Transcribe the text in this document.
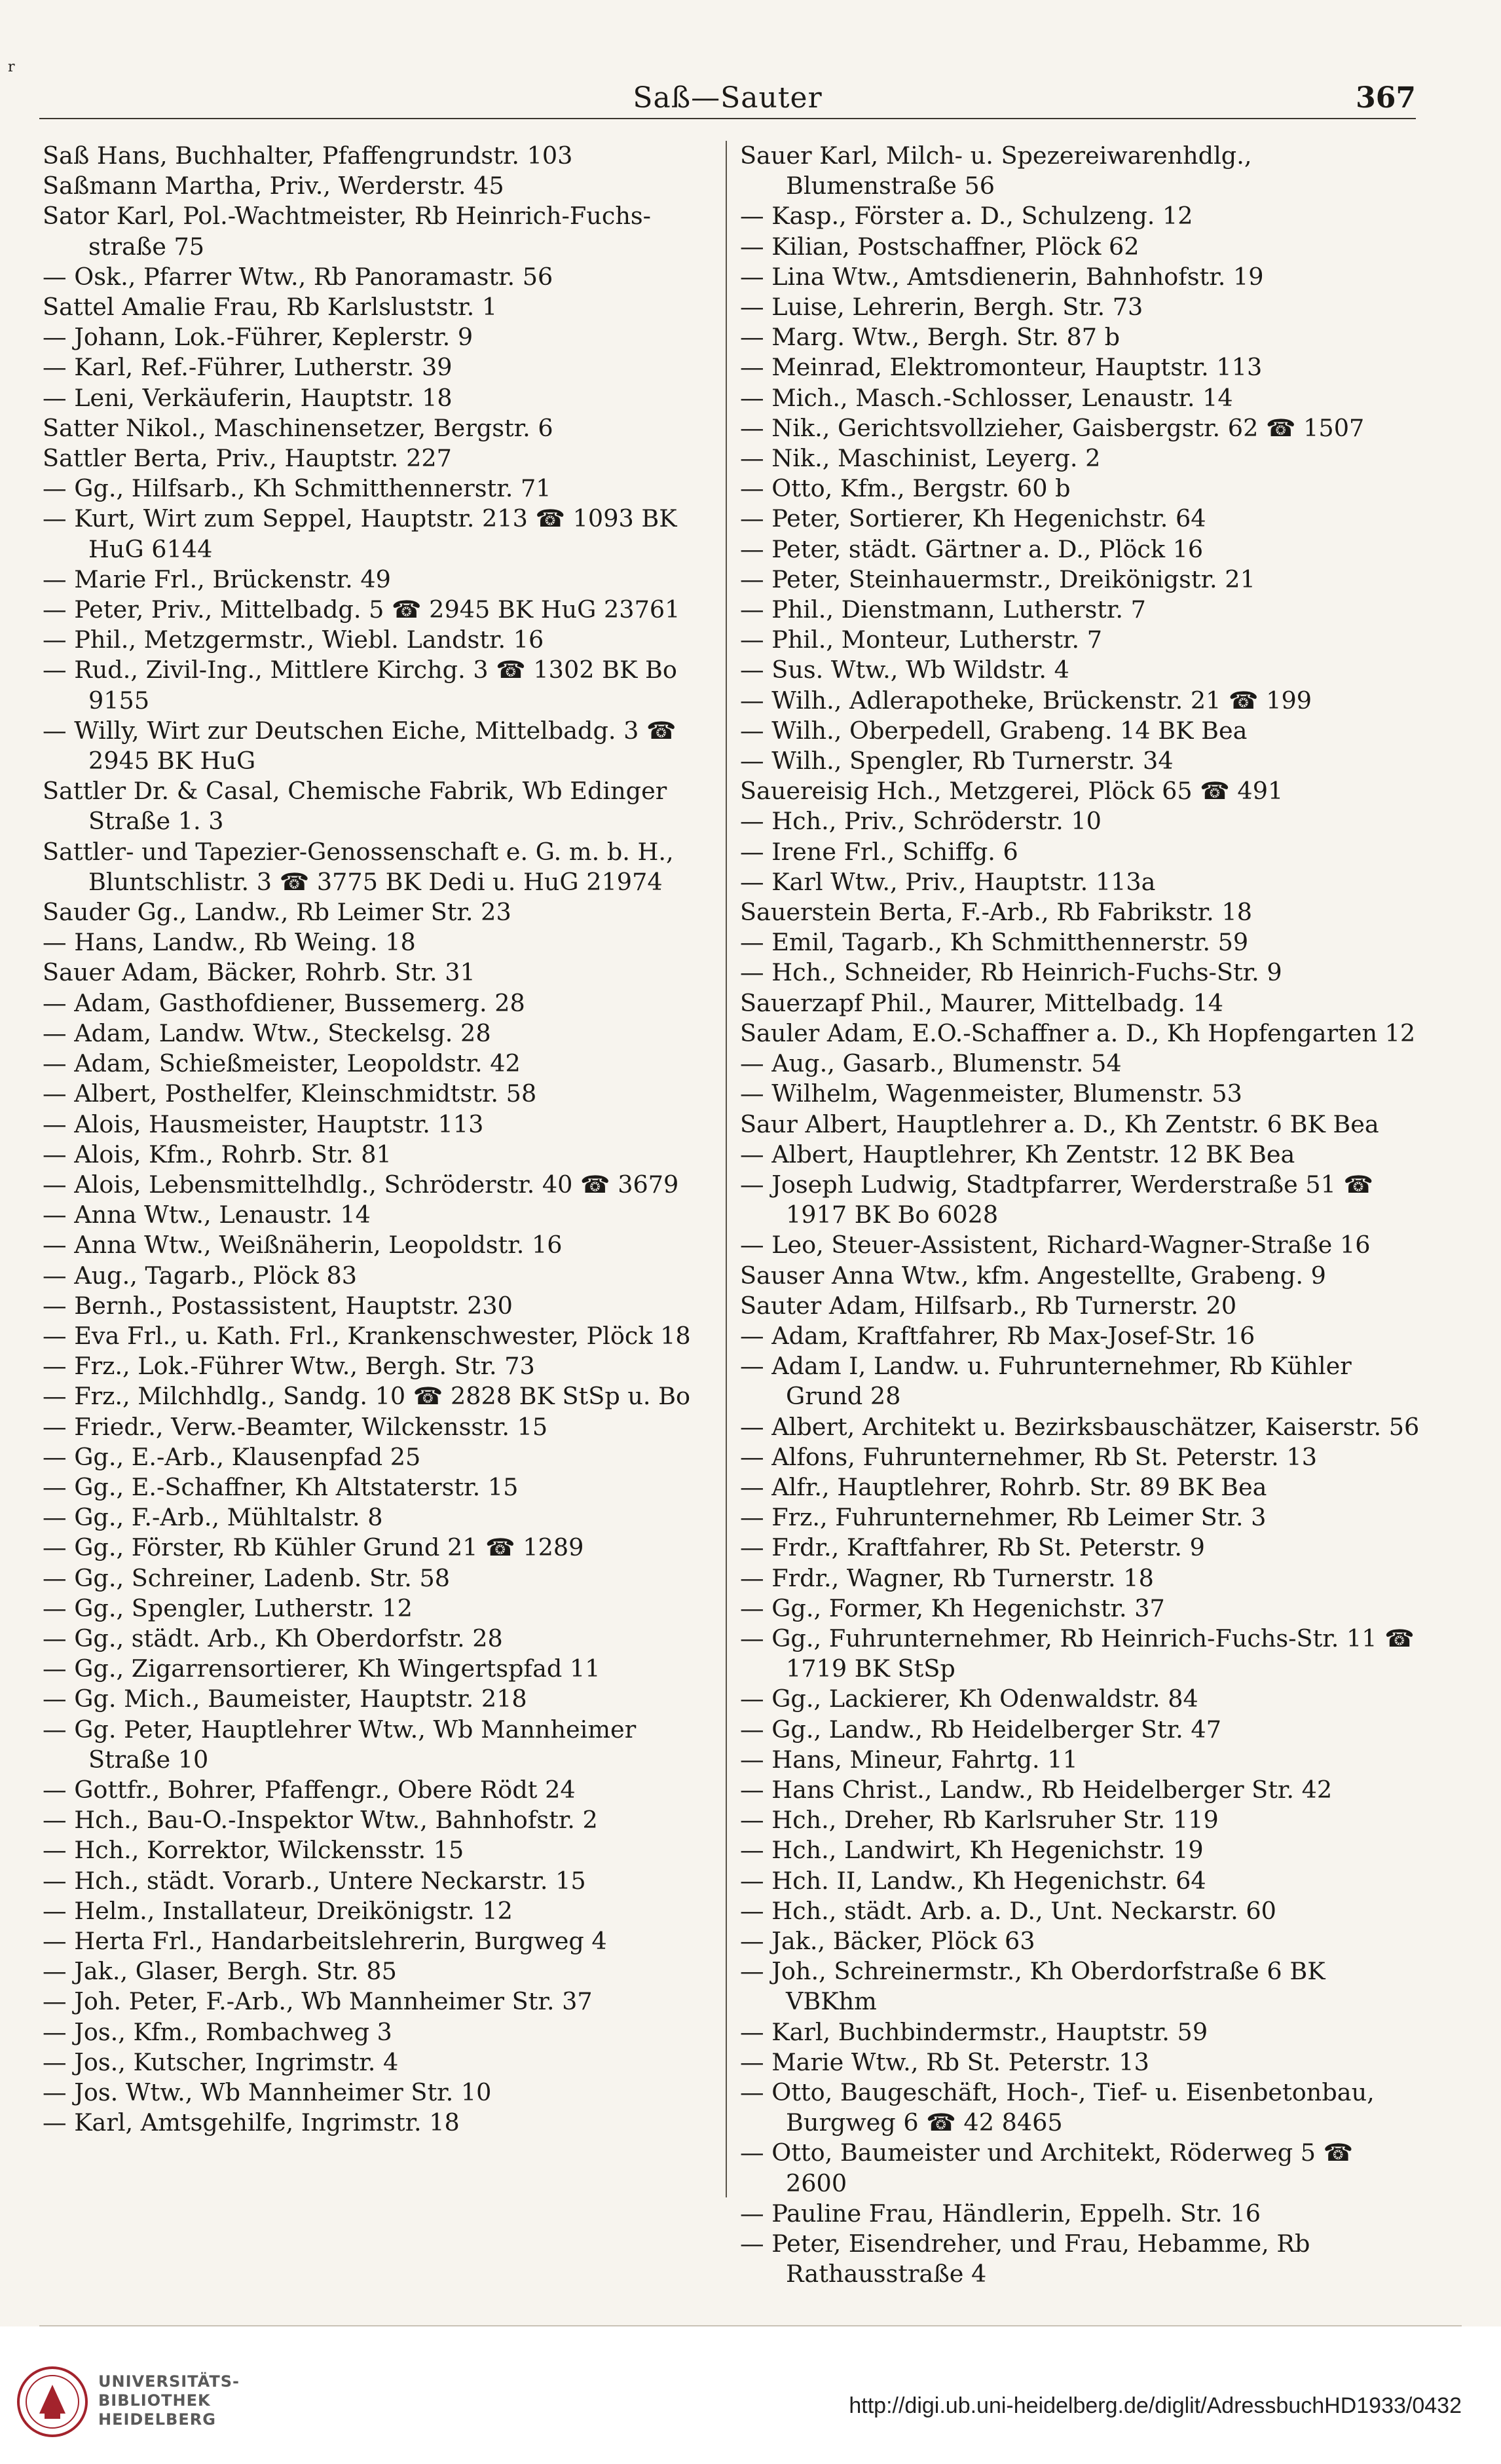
r
Saß—Sauter	367

Saß Hans, Buchhalter, Pfaffengrundstr. 103

Saßmann Martha, Priv., Werderstr. 45

Sator Karl, Pol.-Wachtmeister, Rb Heinrich-Fuchs-straße 75

— Osk., Pfarrer Wtw., Rb Panoramastr. 56

Sattel Amalie Frau, Rb Karlsluststr. 1

— Johann, Lok.-Führer, Keplerstr. 9

— Karl, Ref.-Führer, Lutherstr. 39

— Leni, Verkäuferin, Hauptstr. 18

Satter Nikol., Maschinensetzer, Bergstr. 6

Sattler Berta, Priv., Hauptstr. 227

— Gg., Hilfsarb., Kh Schmitthennerstr. 71

— Kurt, Wirt zum Seppel, Hauptstr. 213 ☎ 1093 BK HuG 6144

— Marie Frl., Brückenstr. 49

— Peter, Priv., Mittelbadg. 5 ☎ 2945 BK HuG 23761

— Phil., Metzgermstr., Wiebl. Landstr. 16

— Rud., Zivil-Ing., Mittlere Kirchg. 3 ☎ 1302 BK Bo 9155

— Willy, Wirt zur Deutschen Eiche, Mittelbadg. 3 ☎ 2945 BK HuG

Sattler Dr. & Casal, Chemische Fabrik, Wb Edinger Straße 1. 3

Sattler- und Tapezier-Genossenschaft e. G. m. b. H., Bluntschlistr. 3 ☎ 3775 BK Dedi u. HuG 21974

Sauder Gg., Landw., Rb Leimer Str. 23

— Hans, Landw., Rb Weing. 18

Sauer Adam, Bäcker, Rohrb. Str. 31

— Adam, Gasthofdiener, Bussemerg. 28

— Adam, Landw. Wtw., Steckelsg. 28

— Adam, Schießmeister, Leopoldstr. 42

— Albert, Posthelfer, Kleinschmidtstr. 58

— Alois, Hausmeister, Hauptstr. 113

— Alois, Kfm., Rohrb. Str. 81

— Alois, Lebensmittelhdlg., Schröderstr. 40 ☎ 3679

— Anna Wtw., Lenaustr. 14

— Anna Wtw., Weißnäherin, Leopoldstr. 16

— Aug., Tagarb., Plöck 83

— Bernh., Postassistent, Hauptstr. 230

— Eva Frl., u. Kath. Frl., Krankenschwester, Plöck 18

— Frz., Lok.-Führer Wtw., Bergh. Str. 73

— Frz., Milchhdlg., Sandg. 10 ☎ 2828 BK StSp u. Bo

— Friedr., Verw.-Beamter, Wilckensstr. 15

— Gg., E.-Arb., Klausenpfad 25

— Gg., E.-Schaffner, Kh Altstaterstr. 15

— Gg., F.-Arb., Mühltalstr. 8

— Gg., Förster, Rb Kühler Grund 21 ☎ 1289

— Gg., Schreiner, Ladenb. Str. 58

— Gg., Spengler, Lutherstr. 12

— Gg., städt. Arb., Kh Oberdorfstr. 28

— Gg., Zigarrensortierer, Kh Wingertspfad 11

— Gg. Mich., Baumeister, Hauptstr. 218

— Gg. Peter, Hauptlehrer Wtw., Wb Mannheimer Straße 10

— Gottfr., Bohrer, Pfaffengr., Obere Rödt 24

— Hch., Bau-O.-Inspektor Wtw., Bahnhofstr. 2

— Hch., Korrektor, Wilckensstr. 15

— Hch., städt. Vorarb., Untere Neckarstr. 15

— Helm., Installateur, Dreikönigstr. 12

— Herta Frl., Handarbeitslehrerin, Burgweg 4

— Jak., Glaser, Bergh. Str. 85

— Joh. Peter, F.-Arb., Wb Mannheimer Str. 37

— Jos., Kfm., Rombachweg 3

— Jos., Kutscher, Ingrimstr. 4

— Jos. Wtw., Wb Mannheimer Str. 10

— Karl, Amtsgehilfe, Ingrimstr. 18

Sauer Karl, Milch- u. Spezereiwarenhdlg., Blumenstraße 56

— Kasp., Förster a. D., Schulzeng. 12

— Kilian, Postschaffner, Plöck 62

— Lina Wtw., Amtsdienerin, Bahnhofstr. 19

— Luise, Lehrerin, Bergh. Str. 73

— Marg. Wtw., Bergh. Str. 87 b

— Meinrad, Elektromonteur, Hauptstr. 113

— Mich., Masch.-Schlosser, Lenaustr. 14

— Nik., Gerichtsvollzieher, Gaisbergstr. 62 ☎ 1507

— Nik., Maschinist, Leyerg. 2

— Otto, Kfm., Bergstr. 60 b

— Peter, Sortierer, Kh Hegenichstr. 64

— Peter, städt. Gärtner a. D., Plöck 16

— Peter, Steinhauermstr., Dreikönigstr. 21

— Phil., Dienstmann, Lutherstr. 7

— Phil., Monteur, Lutherstr. 7

— Sus. Wtw., Wb Wildstr. 4

— Wilh., Adlerapotheke, Brückenstr. 21 ☎ 199

— Wilh., Oberpedell, Grabeng. 14 BK Bea

— Wilh., Spengler, Rb Turnerstr. 34

Sauereisig Hch., Metzgerei, Plöck 65 ☎ 491

— Hch., Priv., Schröderstr. 10

— Irene Frl., Schiffg. 6

— Karl Wtw., Priv., Hauptstr. 113a

Sauerstein Berta, F.-Arb., Rb Fabrikstr. 18

— Emil, Tagarb., Kh Schmitthennerstr. 59

— Hch., Schneider, Rb Heinrich-Fuchs-Str. 9

Sauerzapf Phil., Maurer, Mittelbadg. 14

Sauler Adam, E.O.-Schaffner a. D., Kh Hopfengarten 12

— Aug., Gasarb., Blumenstr. 54

— Wilhelm, Wagenmeister, Blumenstr. 53

Saur Albert, Hauptlehrer a. D., Kh Zentstr. 6 BK Bea

— Albert, Hauptlehrer, Kh Zentstr. 12 BK Bea

— Joseph Ludwig, Stadtpfarrer, Werderstraße 51 ☎ 1917 BK Bo 6028

— Leo, Steuer-Assistent, Richard-Wagner-Straße 16

Sauser Anna Wtw., kfm. Angestellte, Grabeng. 9

Sauter Adam, Hilfsarb., Rb Turnerstr. 20

— Adam, Kraftfahrer, Rb Max-Josef-Str. 16

— Adam I, Landw. u. Fuhrunternehmer, Rb Kühler Grund 28

— Albert, Architekt u. Bezirksbauschätzer, Kaiserstr. 56

— Alfons, Fuhrunternehmer, Rb St. Peterstr. 13

— Alfr., Hauptlehrer, Rohrb. Str. 89 BK Bea

— Frz., Fuhrunternehmer, Rb Leimer Str. 3

— Frdr., Kraftfahrer, Rb St. Peterstr. 9

— Frdr., Wagner, Rb Turnerstr. 18

— Gg., Former, Kh Hegenichstr. 37

— Gg., Fuhrunternehmer, Rb Heinrich-Fuchs-Str. 11 ☎ 1719 BK StSp

— Gg., Lackierer, Kh Odenwaldstr. 84

— Gg., Landw., Rb Heidelberger Str. 47

— Hans, Mineur, Fahrtg. 11

— Hans Christ., Landw., Rb Heidelberger Str. 42

— Hch., Dreher, Rb Karlsruher Str. 119

— Hch., Landwirt, Kh Hegenichstr. 19

— Hch. II, Landw., Kh Hegenichstr. 64

— Hch., städt. Arb. a. D., Unt. Neckarstr. 60

— Jak., Bäcker, Plöck 63

— Joh., Schreinermstr., Kh Oberdorfstraße 6 BK VBKhm

— Karl, Buchbindermstr., Hauptstr. 59

— Marie Wtw., Rb St. Peterstr. 13

— Otto, Baugeschäft, Hoch-, Tief- u. Eisenbetonbau, Burgweg 6 ☎ 42 8465

— Otto, Baumeister und Architekt, Röderweg 5 ☎ 2600

— Pauline Frau, Händlerin, Eppelh. Str. 16

— Peter, Eisendreher, und Frau, Hebamme, Rb Rathausstraße 4

UNIVERSITÄTS-
BIBLIOTHEK
HEIDELBERG
http://digi.ub.uni-heidelberg.de/diglit/AdressbuchHD1933/0432
